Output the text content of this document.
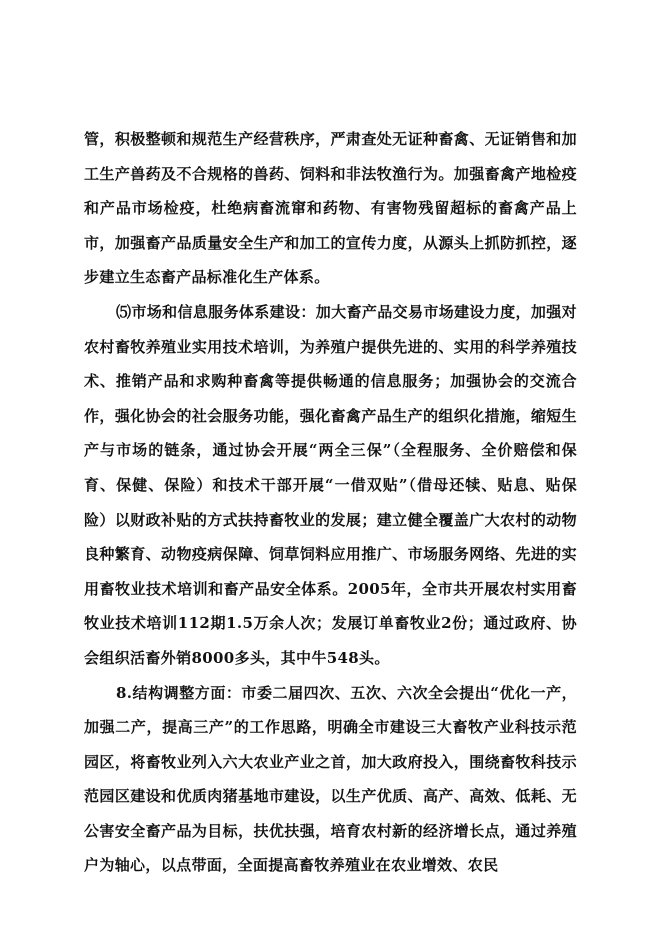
管，积极整顿和规范生产经营秩序，严肃查处无证种畜禽、无证销售和加工生产兽药及不合规格的兽药、饲料和非法牧渔行为。加强畜禽产地检疫和产品市场检疫，杜绝病畜流窜和药物、有害物残留超标的畜禽产品上市，加强畜产品质量安全生产和加工的宣传力度，从源头上抓防抓控，逐步建立生态畜产品标准化生产体系。

⑸市场和信息服务体系建设：加大畜产品交易市场建设力度，加强对农村畜牧养殖业实用技术培训，为养殖户提供先进的、实用的科学养殖技术、推销产品和求购种畜禽等提供畅通的信息服务；加强协会的交流合作，强化协会的社会服务功能，强化畜禽产品生产的组织化措施，缩短生产与市场的链条，通过协会开展“两全三保”（全程服务、全价赔偿和保育、保健、保险）和技术干部开展“一借双贴”（借母还犊、贴息、贴保险）以财政补贴的方式扶持畜牧业的发展；建立健全覆盖广大农村的动物良种繁育、动物疫病保障、饲草饲料应用推广、市场服务网络、先进的实用畜牧业技术培训和畜产品安全体系。2005年，全市共开展农村实用畜牧业技术培训112期1.5万余人次；发展订单畜牧业2份；通过政府、协会组织活畜外销8000多头，其中牛548头。

8.结构调整方面：市委二届四次、五次、六次全会提出“优化一产，加强二产，提高三产”的工作思路，明确全市建设三大畜牧产业科技示范园区，将畜牧业列入六大农业产业之首，加大政府投入，围绕畜牧科技示范园区建设和优质肉猪基地市建设，以生产优质、高产、高效、低耗、无公害安全畜产品为目标，扶优扶强，培育农村新的经济增长点，通过养殖户为轴心，以点带面，全面提高畜牧养殖业在农业增效、农民
